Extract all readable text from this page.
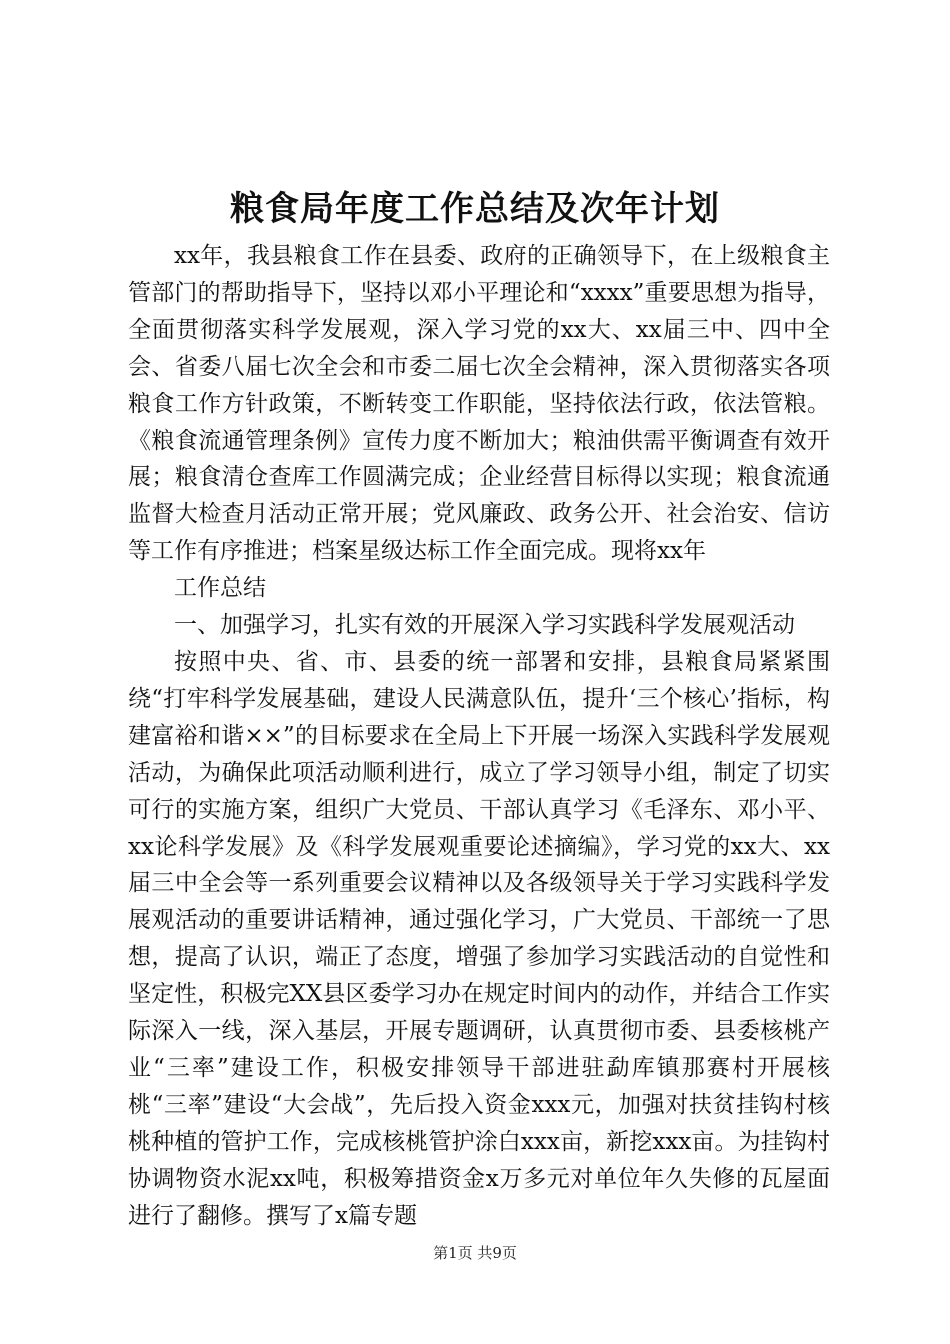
粮食局年度工作总结及次年计划

xx年，我县粮食工作在县委、政府的正确领导下，在上级粮食主管部门的帮助指导下，坚持以邓小平理论和“xxxx”重要思想为指导，全面贯彻落实科学发展观，深入学习党的xx大、xx届三中、四中全会、省委八届七次全会和市委二届七次全会精神，深入贯彻落实各项粮食工作方针政策，不断转变工作职能，坚持依法行政，依法管粮。《粮食流通管理条例》宣传力度不断加大；粮油供需平衡调查有效开展；粮食清仓查库工作圆满完成；企业经营目标得以实现；粮食流通监督大检查月活动正常开展；党风廉政、政务公开、社会治安、信访等工作有序推进；档案星级达标工作全面完成。现将xx年

工作总结

一、加强学习，扎实有效的开展深入学习实践科学发展观活动

按照中央、省、市、县委的统一部署和安排，县粮食局紧紧围绕“打牢科学发展基础，建设人民满意队伍，提升‘三个核心’指标，构建富裕和谐××”的目标要求在全局上下开展一场深入实践科学发展观活动，为确保此项活动顺利进行，成立了学习领导小组，制定了切实可行的实施方案，组织广大党员、干部认真学习《毛泽东、邓小平、xx论科学发展》及《科学发展观重要论述摘编》，学习党的xx大、xx届三中全会等一系列重要会议精神以及各级领导关于学习实践科学发展观活动的重要讲话精神，通过强化学习，广大党员、干部统一了思想，提高了认识，端正了态度，增强了参加学习实践活动的自觉性和坚定性，积极完XX县区委学习办在规定时间内的动作，并结合工作实际深入一线，深入基层，开展专题调研，认真贯彻市委、县委核桃产业“三率”建设工作，积极安排领导干部进驻勐库镇那赛村开展核桃“三率”建设“大会战”，先后投入资金xxx元，加强对扶贫挂钩村核桃种植的管护工作，完成核桃管护涂白xxx亩，新挖xxx亩。为挂钩村协调物资水泥xx吨，积极筹措资金x万多元对单位年久失修的瓦屋面进行了翻修。撰写了x篇专题

第1页 共9页
